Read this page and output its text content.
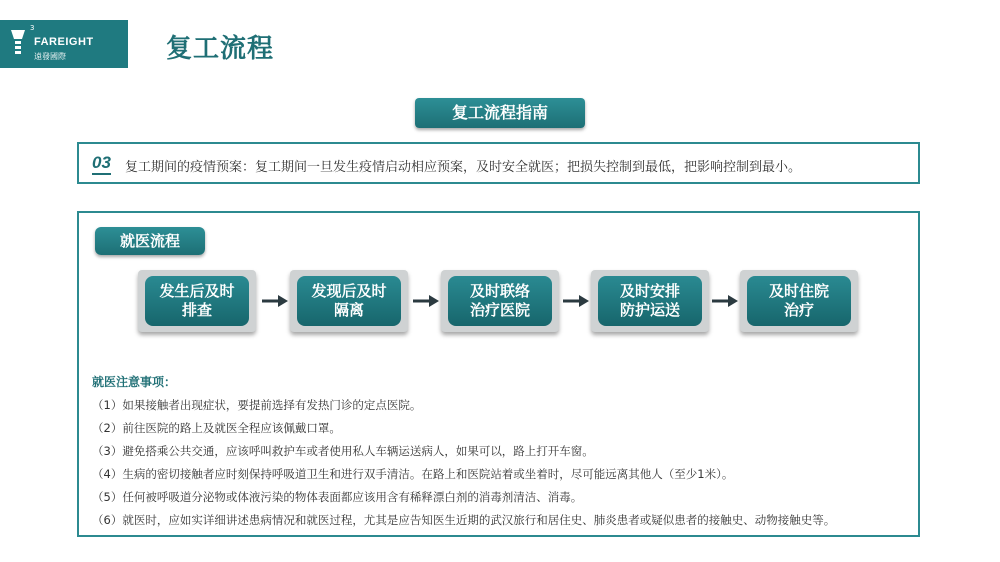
3
FAREIGHT
遠發國際	复工流程
复工流程指南
03 复工期间的疫情预案：复工期间一旦发生疫情启动相应预案，及时安全就医；把损失控制到最低，把影响控制到最小。
就医流程
发生后及时
排查
发现后及时
隔离
及时联络
治疗医院
及时安排
防护运送
及时住院
治疗
就医注意事项：
（1）如果接触者出现症状，要提前选择有发热门诊的定点医院。
（2）前往医院的路上及就医全程应该佩戴口罩。
（3）避免搭乘公共交通，应该呼叫救护车或者使用私人车辆运送病人，如果可以，路上打开车窗。
（4）生病的密切接触者应时刻保持呼吸道卫生和进行双手清洁。在路上和医院站着或坐着时，尽可能远离其他人（至少1米）。
（5）任何被呼吸道分泌物或体液污染的物体表面都应该用含有稀释漂白剂的消毒剂清洁、消毒。
（6）就医时，应如实详细讲述患病情况和就医过程，尤其是应告知医生近期的武汉旅行和居住史、肺炎患者或疑似患者的接触史、动物接触史等。
